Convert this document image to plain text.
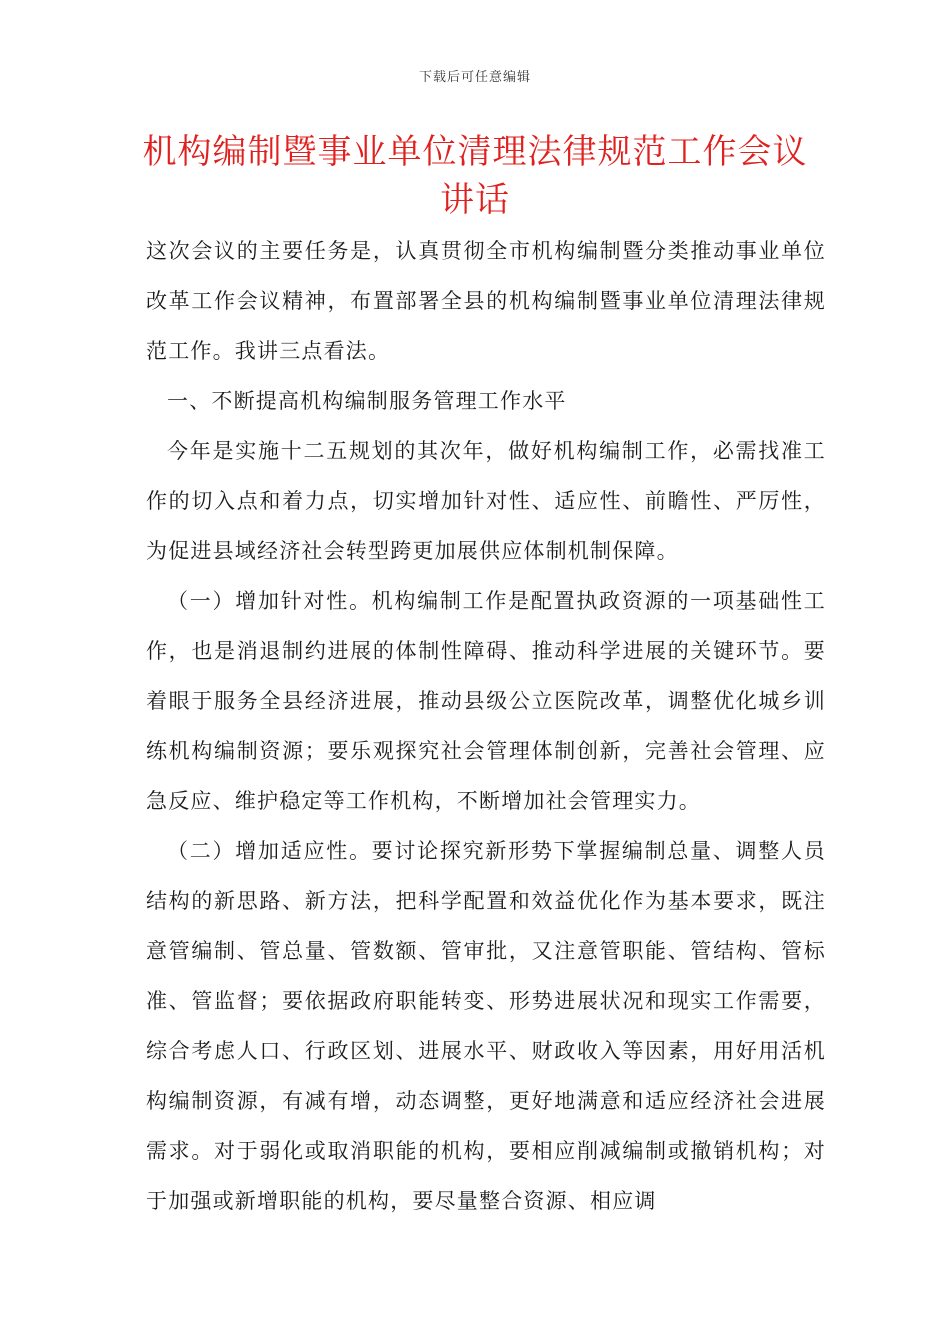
下载后可任意编辑
机构编制暨事业单位清理法律规范工作会议讲话

这次会议的主要任务是，认真贯彻全市机构编制暨分类推动事业单位改革工作会议精神，布置部署全县的机构编制暨事业单位清理法律规范工作。我讲三点看法。

一、不断提高机构编制服务管理工作水平

今年是实施十二五规划的其次年，做好机构编制工作，必需找准工作的切入点和着力点，切实增加针对性、适应性、前瞻性、严厉性，为促进县域经济社会转型跨更加展供应体制机制保障。

（一）增加针对性。机构编制工作是配置执政资源的一项基础性工作，也是消退制约进展的体制性障碍、推动科学进展的关键环节。要着眼于服务全县经济进展，推动县级公立医院改革，调整优化城乡训练机构编制资源；要乐观探究社会管理体制创新，完善社会管理、应急反应、维护稳定等工作机构，不断增加社会管理实力。

（二）增加适应性。要讨论探究新形势下掌握编制总量、调整人员结构的新思路、新方法，把科学配置和效益优化作为基本要求，既注意管编制、管总量、管数额、管审批，又注意管职能、管结构、管标准、管监督；要依据政府职能转变、形势进展状况和现实工作需要，综合考虑人口、行政区划、进展水平、财政收入等因素，用好用活机构编制资源，有减有增，动态调整，更好地满意和适应经济社会进展需求。对于弱化或取消职能的机构，要相应削减编制或撤销机构；对于加强或新增职能的机构，要尽量整合资源、相应调
